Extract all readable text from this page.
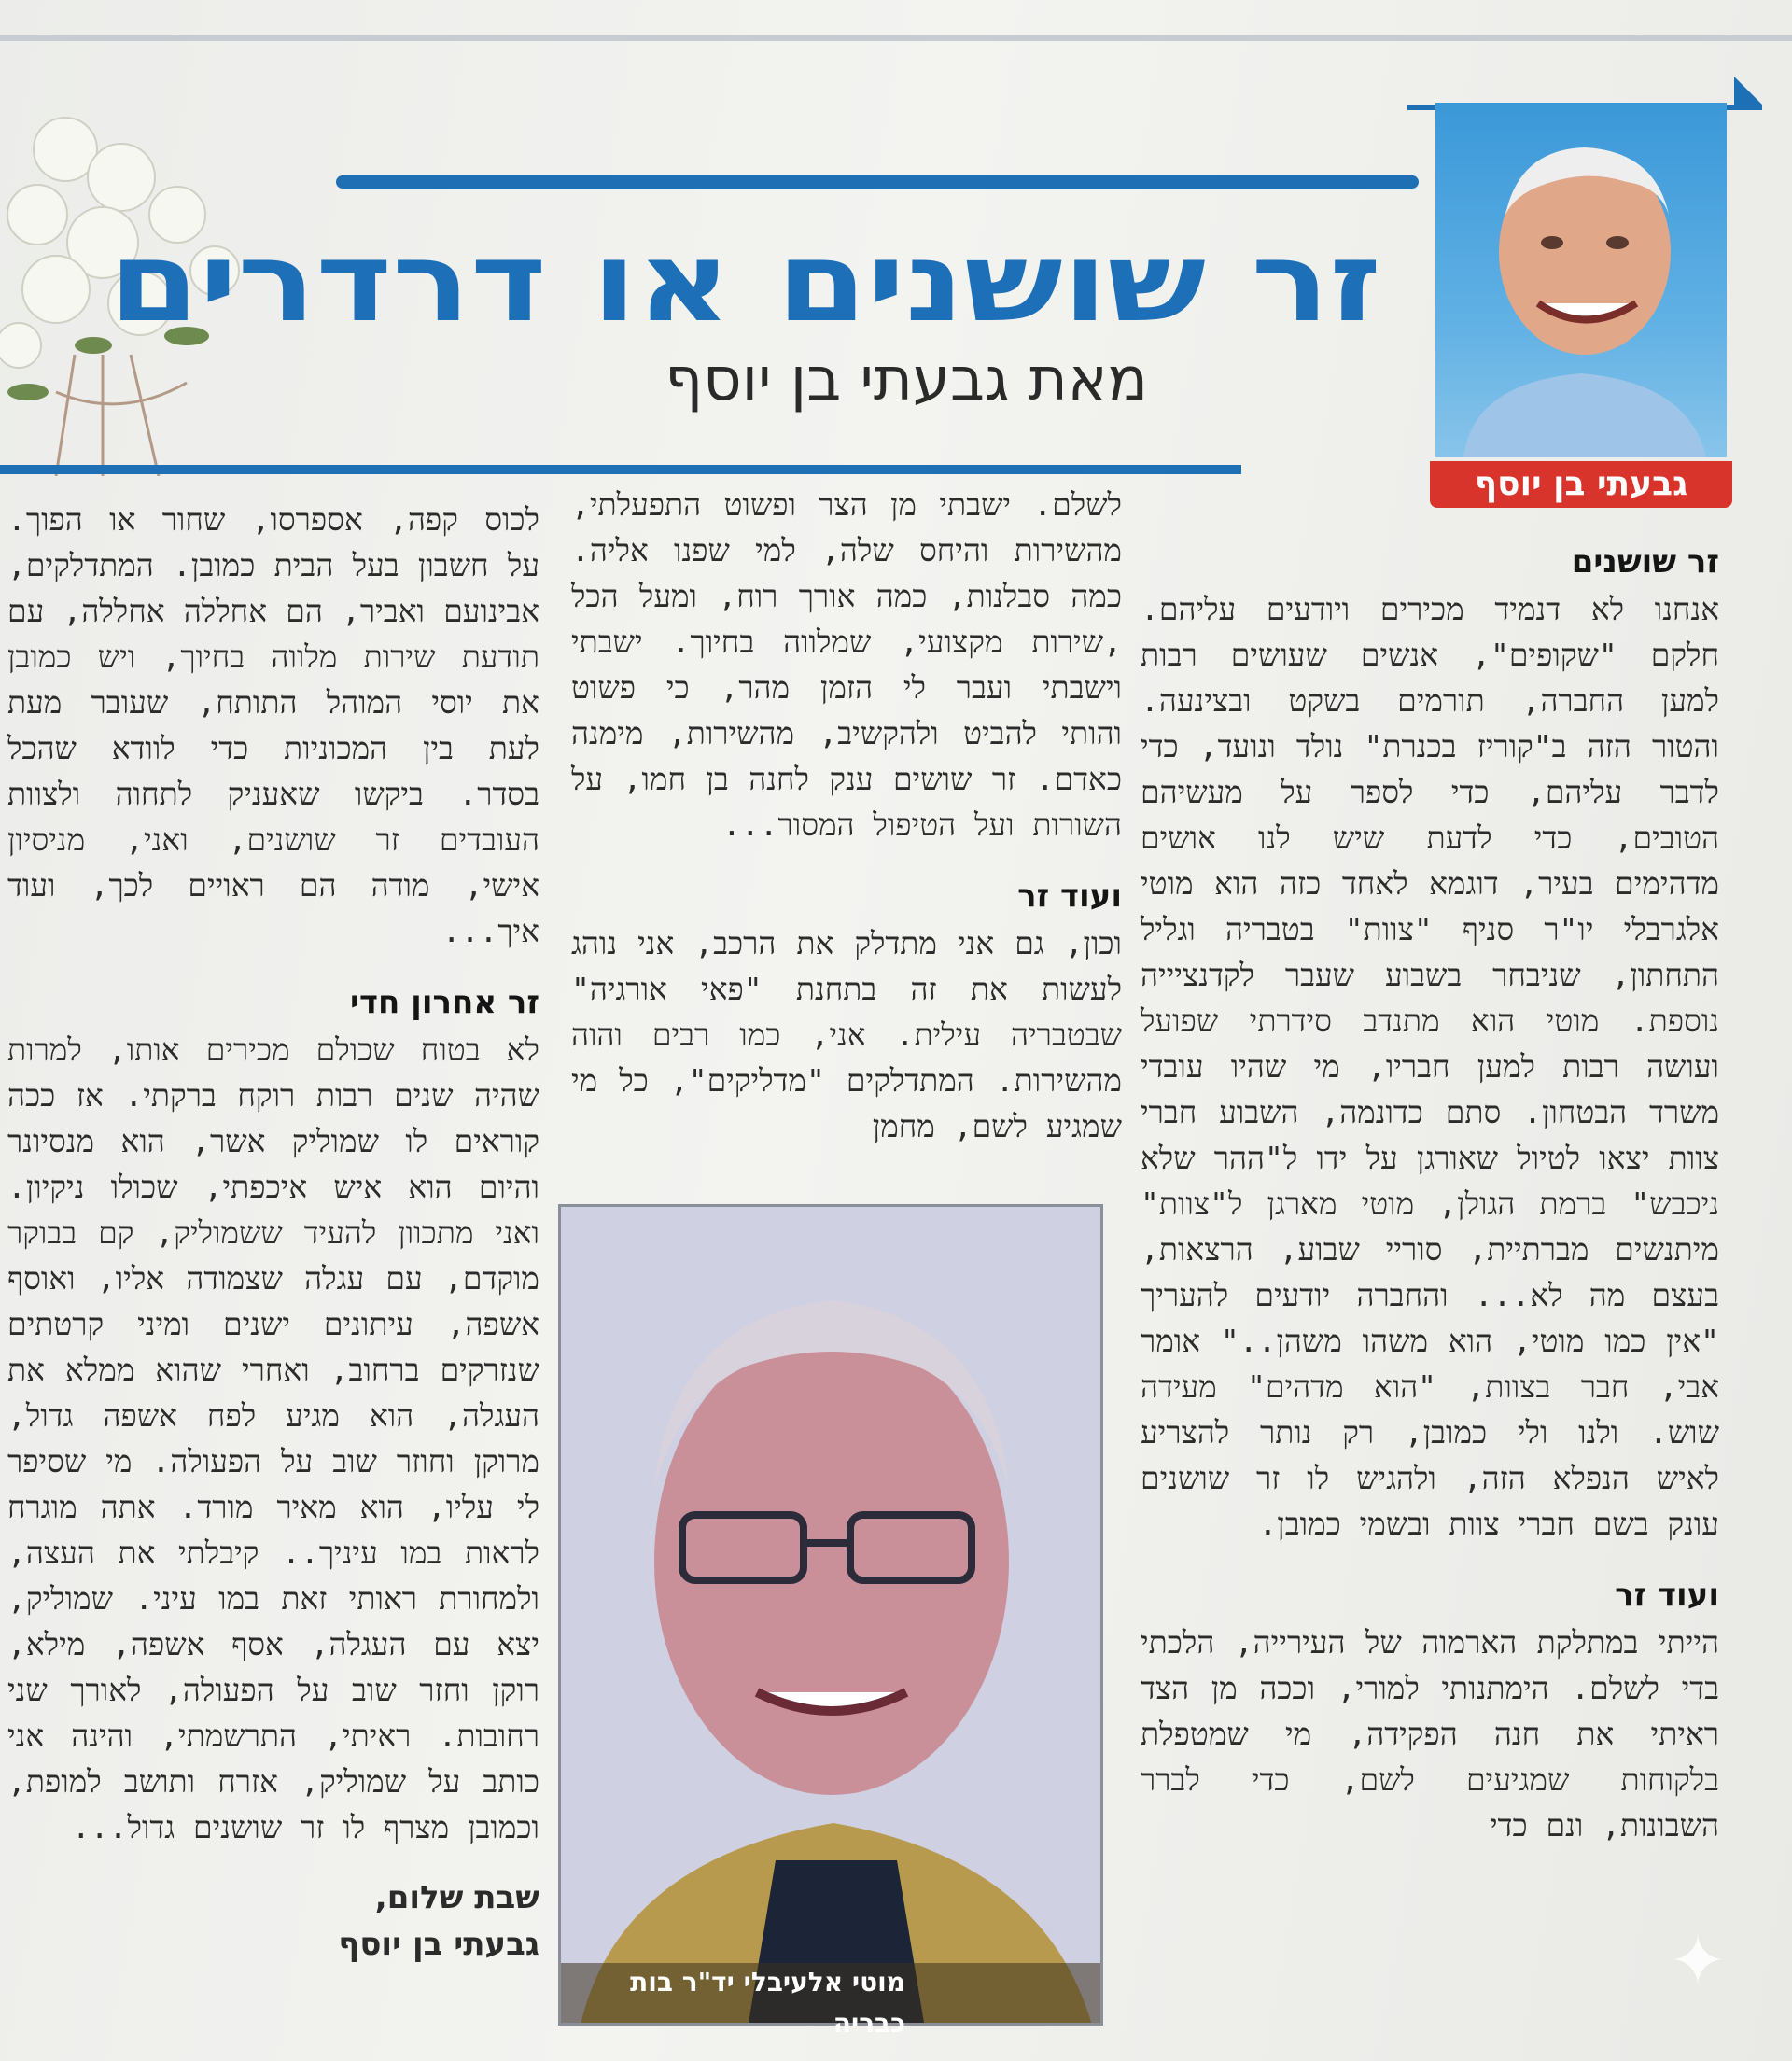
זר שושנים או דרדרים
מאת גבעתי בן יוסף
גבעתי בן יוסף

זר שושנים

אנחנו לא דנמיד מכירים ויודעים עליהם. חלקם "שקופים", אנשים שעושים רבות למען החברה, תורמים בשקט ובצינעה. והטור הזה ב"קוריז בכנרת" נולד ונועד, כדי לדבר עליהם, כדי לספר על מעשיהם הטובים, כדי לדעת שיש לנו אושים מדהימים בעיר, דוגמא לאחד כזה הוא מוטי אלגרבלי יו"ר סניף "צוות" בטבריה וגליל התחתון, שניבחר בשבוע שעבר לקדנציייה נוספת. מוטי הוא מתנדב סידרתי שפועל ועושה רבות למען חבריו, מי שהיו עובדי משרד הבטחון. סתם כדונמה, השבוע חברי צוות יצאו לטיול שאורגן על ידו ל"ההר שלא ניכבש" ברמת הגולן, מוטי מארגן ל"צוות" מיתנשים מברתיית, סוריי שבוע, הרצאות, בעצם מה לא... והחברה יודעים להעריך "אין כמו מוטי, הוא משהו משהן.." אומר אבי, חבר בצוות, "הוא מדהים" מעידה שוש. ולנו ולי כמובן, רק נותר להצריע לאיש הנפלא הזה, ולהגיש לו זר שושנים עונק בשם חברי צוות ובשמי כמובן.

ועוד זר

הייתי במתלקת הארמוה של העירייה, הלכתי בדי לשלם. הימתנותי למורי, וככה מן הצד ראיתי את חנה הפקידה, מי שמטפלת בלקוחות שמגיעים לשם, כדי לברר השבונות, ונם כדי

לשלם. ישבתי מן הצר ופשוט התפעלתי, מהשירות והיחס שלה, למי שפנו אליה. כמה סבלנות, כמה אורך רוח, ומעל הכל ,שירות מקצועי, שמלווה בחיוך. ישבתי וישבתי ועבר לי הזמן מהר, כי פשוט והותי להביט ולהקשיב, מהשירות, מימנה כאדם. זר שושים ענק לחנה בן חמו, על השורות ועל הטיפול המסור...

ועוד זר

וכון, גם אני מתדלק את הרכב, אני נוהג לעשות את זה בתחנת "פאי אורגיה" שבטבריה עילית. אני, כמו רבים והוה מהשירות. המתדלקים "מדליקים", כל מי שמגיע לשם, מחמן

מוטי אלעיבלי יד"ר בות כבריה

לכוס קפה, אספרסו, שחור או הפוך. על חשבון בעל הבית כמובן. המתדלקים, אבינועם ואביר, הם אחללה אחללה, עם תודעת שירות מלווה בחיוך, ויש כמובן את יוסי המוהל התותח, שעובר מעת לעת בין המכוניות כדי לוודא שהכל בסדר. ביקשו שאעניק לתחוה ולצוות העובדים זר שושנים, ואני, מניסיון אישי, מודה הם ראויים לכך, ועוד איך...

זר אחרון חדי

לא בטוח שכולם מכירים אותו, למרות שהיה שנים רבות רוקח ברקתי. אז ככה קוראים לו שמוליק אשר, הוא מנסיונר והיום הוא איש איכפתי, שכולו ניקיון. ואני מתכוון להעיד ששמוליק, קם בבוקר מוקדם, עם עגלה שצמודה אליו, ואוסף אשפה, עיתונים ישנים ומיני קרטתים שנזרקים ברחוב, ואחרי שהוא ממלא את העגלה, הוא מגיע לפח אשפה גדול, מרוקן וחוזר שוב על הפעולה. מי שסיפר לי עליו, הוא מאיר מורד. אתה מוגרח לראות במו עיניך.. קיבלתי את העצה, ולמחורת ראותי זאת במו עיני. שמוליק, יצא עם העגלה, אסף אשפה, מילא, רוקן וחזר שוב על הפעולה, לאורך שני רחובות. ראיתי, התרשמתי, והינה אני כותב על שמוליק, אזרח ותושב למופת, וכמובן מצרף לו זר שושנים גדול...

שבת שלום,

גבעתי בן יוסף	✦
